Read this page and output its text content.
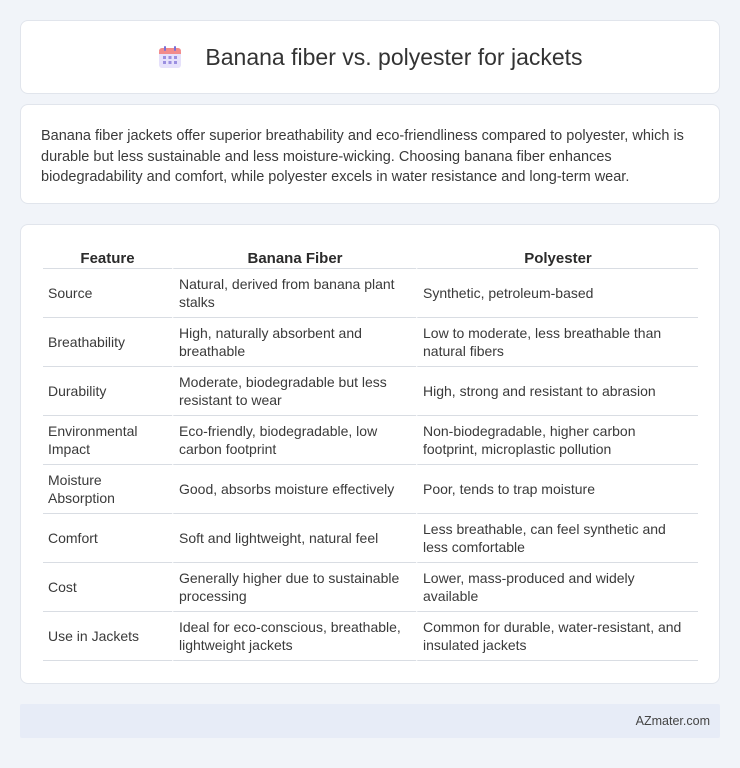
Banana fiber vs. polyester for jackets

Banana fiber jackets offer superior breathability and eco-friendliness compared to polyester, which is durable but less sustainable and less moisture-wicking. Choosing banana fiber enhances biodegradability and comfort, while polyester excels in water resistance and long-term wear.

Feature	Banana Fiber	Polyester
Source	Natural, derived from banana plant stalks	Synthetic, petroleum-based
Breathability	High, naturally absorbent and breathable	Low to moderate, less breathable than natural fibers
Durability	Moderate, biodegradable but less resistant to wear	High, strong and resistant to abrasion
Environmental Impact	Eco-friendly, biodegradable, low carbon footprint	Non-biodegradable, higher carbon footprint, microplastic pollution
Moisture Absorption	Good, absorbs moisture effectively	Poor, tends to trap moisture
Comfort	Soft and lightweight, natural feel	Less breathable, can feel synthetic and less comfortable
Cost	Generally higher due to sustainable processing	Lower, mass-produced and widely available
Use in Jackets	Ideal for eco-conscious, breathable, lightweight jackets	Common for durable, water-resistant, and insulated jackets
AZmater.com
